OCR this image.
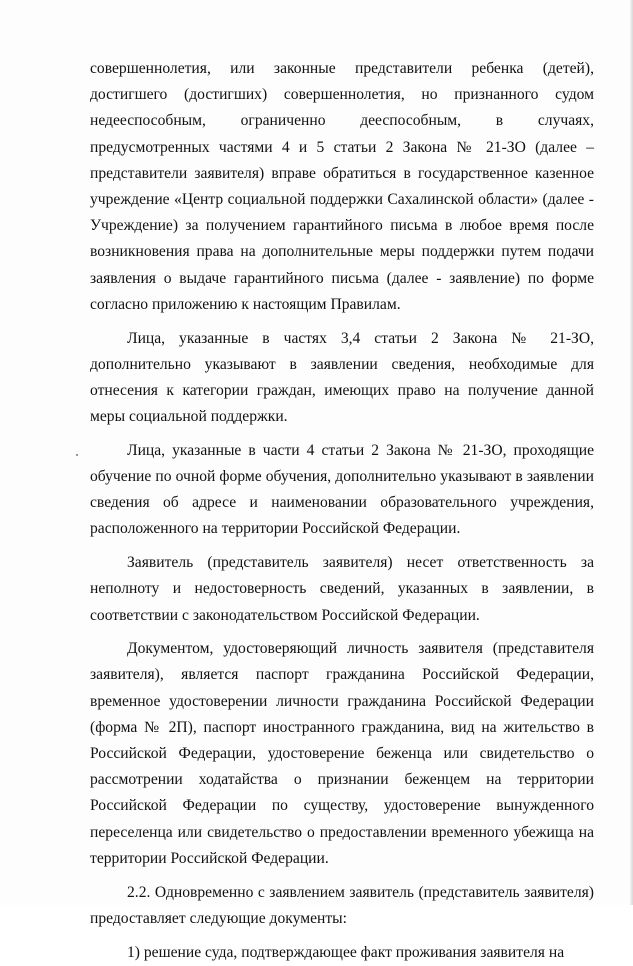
совершеннолетия, или законные представители ребенка (детей), достигшего (достигших) совершеннолетия, но признанного судом недееспособным, ограниченно дееспособным, в случаях, предусмотренных частями 4 и 5 статьи 2 Закона № 21-ЗО (далее – представители заявителя) вправе обратиться в государственное казенное учреждение «Центр социальной поддержки Сахалинской области» (далее - Учреждение) за получением гарантийного письма в любое время после возникновения права на дополнительные меры поддержки путем подачи заявления о выдаче гарантийного письма (далее - заявление) по форме согласно приложению к настоящим Правилам.

Лица, указанные в частях 3,4 статьи 2 Закона № 21-ЗО, дополнительно указывают в заявлении сведения, необходимые для отнесения к категории граждан, имеющих право на получение данной меры социальной поддержки.

Лица, указанные в части 4 статьи 2 Закона № 21-ЗО, проходящие обучение по очной форме обучения, дополнительно указывают в заявлении сведения об адресе и наименовании образовательного учреждения, расположенного на территории Российской Федерации.

Заявитель (представитель заявителя) несет ответственность за неполноту и недостоверность сведений, указанных в заявлении, в соответствии с законодательством Российской Федерации.

Документом, удостоверяющий личность заявителя (представителя заявителя), является паспорт гражданина Российской Федерации, временное удостоверении личности гражданина Российской Федерации (форма № 2П), паспорт иностранного гражданина, вид на жительство в Российской Федерации, удостоверение беженца или свидетельство о рассмотрении ходатайства о признании беженцем на территории Российской Федерации по существу, удостоверение вынужденного переселенца или свидетельство о предоставлении временного убежища на территории Российской Федерации.

2.2. Одновременно с заявлением заявитель (представитель заявителя) предоставляет следующие документы:

1) решение суда, подтверждающее факт проживания заявителя на
